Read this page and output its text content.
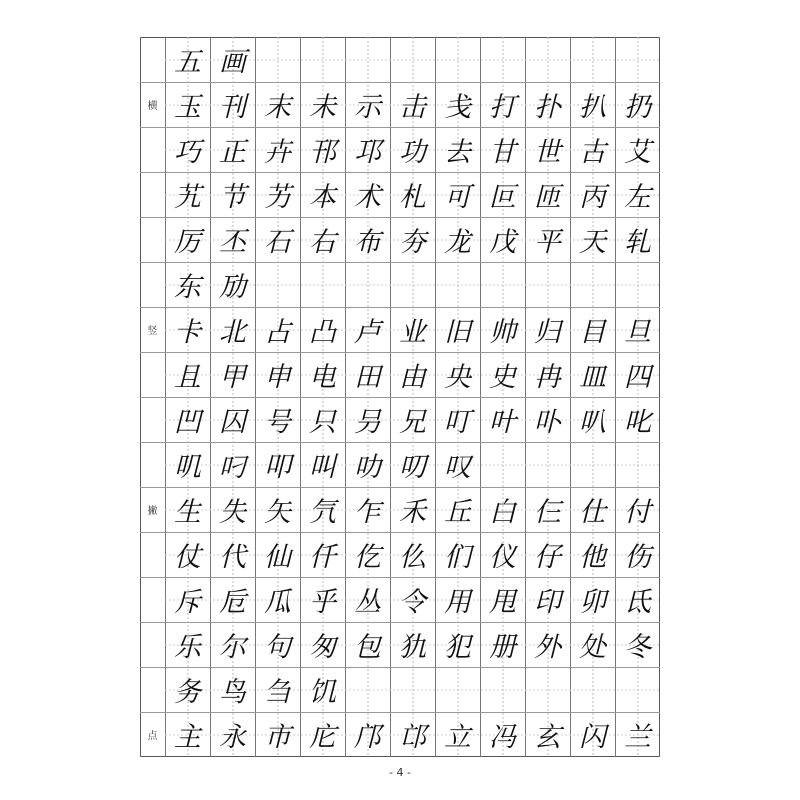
五 画
横 玉 刊 末 未 示 击 戋 打 扑 扒 扔
巧 正 卉 邗 邛 功 去 甘 世 古 艾
艽 节 艻 本 术 札 可 叵 匝 丙 左
厉 丕 石 右 布 夯 龙 戊 平 天 轧
东 劢
竖 卡 北 占 凸 卢 业 旧 帅 归 目 旦
且 甲 申 电 田 由 央 史 冉 皿 四
凹 囚 号 只 叧 兄 叮 叶 卟 叭 叱
叽 叼 叩 叫 叻 叨 叹
撇 生 失 矢 氕 乍 禾 丘 白 仨 仕 付
仗 代 仙 仟 仡 仫 们 仪 仔 他 伤
斥 卮 瓜 乎 丛 令 用 甩 印 卯 氐
乐 尔 句 匆 包 犰 犯 册 外 处 冬
务 鸟 刍 饥
点 主 永 市 庀 邝 邙 立 冯 玄 闪 兰
- 4 -
